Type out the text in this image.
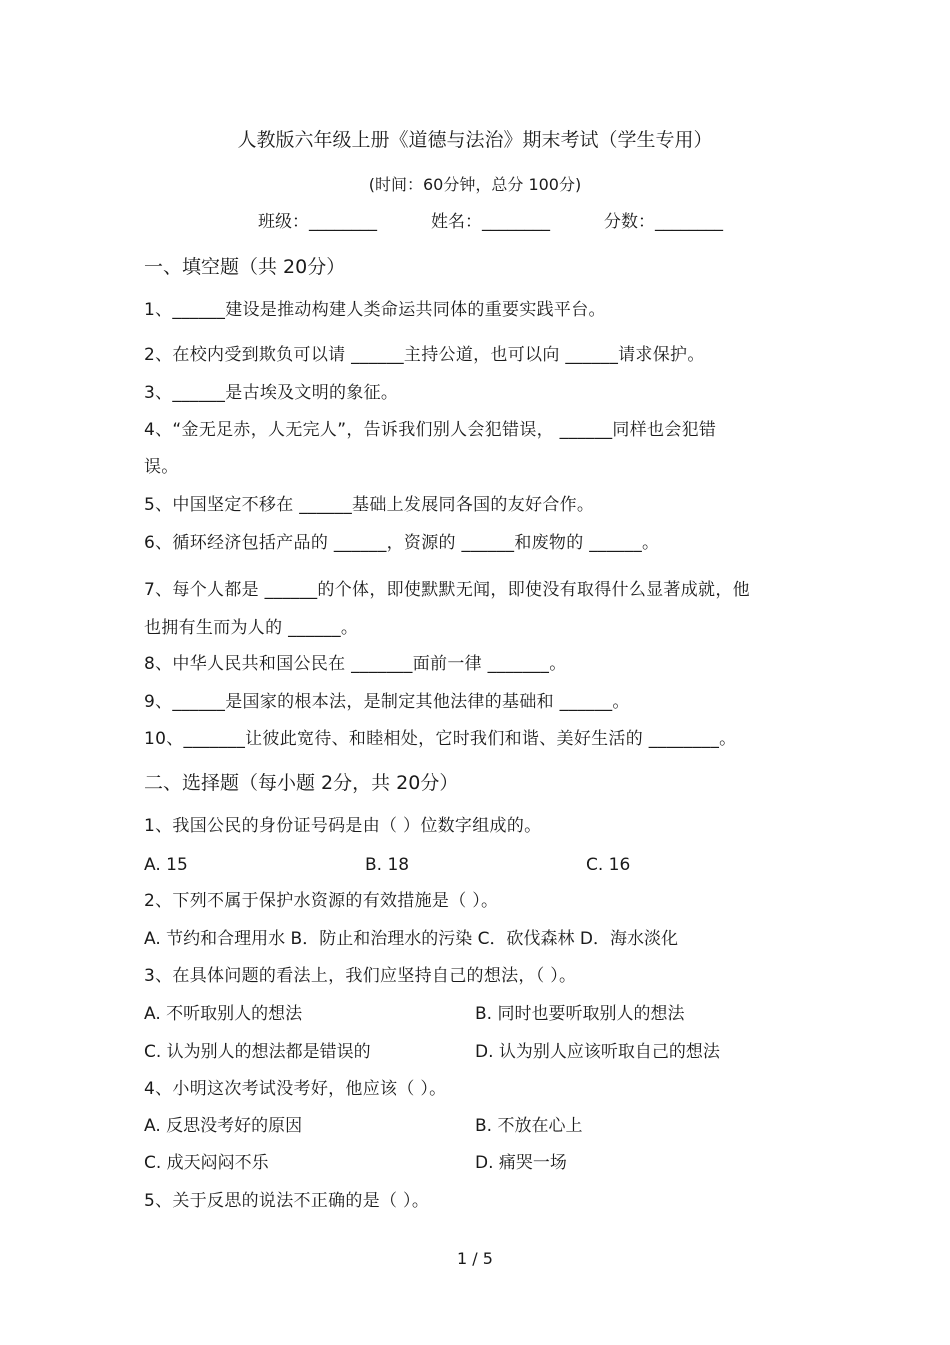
人教版六年级上册《道德与法治》期末考试（学生专用）
(时间：60分钟，总分 100分)
班级：________	姓名：________	分数：________
一、填空题（共 20分）
1、______建设是推动构建人类命运共同体的重要实践平台。
2、在校内受到欺负可以请 ______主持公道，也可以向 ______请求保护。
3、______是古埃及文明的象征。
4、“金无足赤，人无完人”，告诉我们别人会犯错误， ______同样也会犯错
误。
5、中国坚定不移在 ______基础上发展同各国的友好合作。
6、循环经济包括产品的 ______，资源的 ______和废物的 ______。
7、每个人都是 ______的个体，即使默默无闻，即使没有取得什么显著成就，他
也拥有生而为人的 ______。
8、中华人民共和国公民在 _______面前一律 _______。
9、______是国家的根本法，是制定其他法律的基础和 ______。
10、_______让彼此宽待、和睦相处，它时我们和谐、美好生活的 ________。
二、选择题（每小题 2分，共 20分）
1、我国公民的身份证号码是由（ ）位数字组成的。
A. 15	B. 18	C. 16
2、下列不属于保护水资源的有效措施是（ ）。
A. 节约和合理用水 B．防止和治理水的污染 C．砍伐森林 D．海水淡化
3、在具体问题的看法上，我们应坚持自己的想法，（ ）。
A. 不听取别人的想法	B. 同时也要听取别人的想法
C. 认为别人的想法都是错误的	D. 认为别人应该听取自己的想法
4、小明这次考试没考好，他应该（ ）。
A. 反思没考好的原因	B. 不放在心上
C. 成天闷闷不乐	D. 痛哭一场
5、关于反思的说法不正确的是（ ）。
1 / 5
